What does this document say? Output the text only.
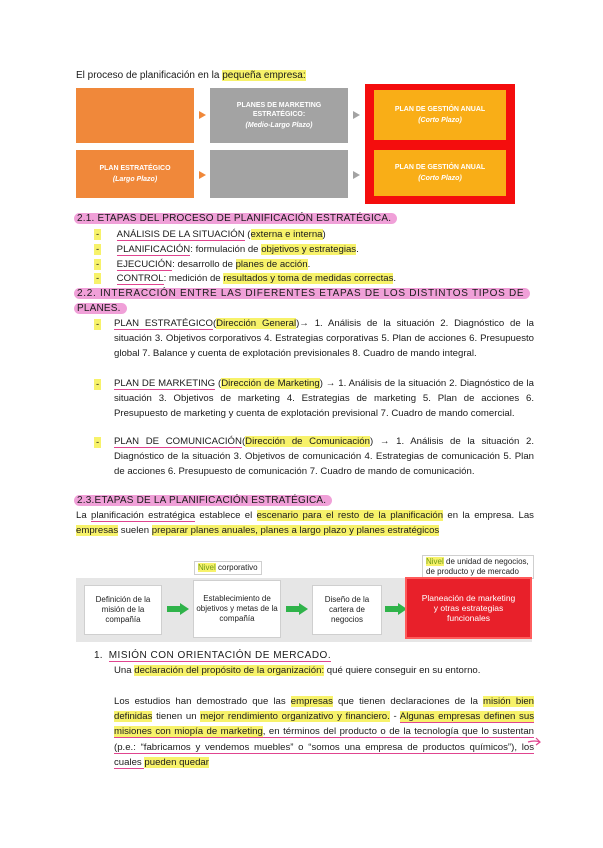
El proceso de planificación en la pequeña empresa:
PLANES DE MARKETING ESTRATÉGICO:
(Medio-Largo Plazo)
PLAN DE GESTIÓN ANUAL
(Corto Plazo)
PLAN ESTRATÉGICO
(Largo Plazo)
PLAN DE GESTIÓN ANUAL
(Corto Plazo)
2.1. ETAPAS DEL PROCESO DE PLANIFICACIÓN ESTRATÉGICA.
- ANÁLISIS DE LA SITUACIÓN (externa e interna)
- PLANIFICACIÓN: formulación de objetivos y estrategias.
- EJECUCIÓN: desarrollo de planes de acción.
- CONTROL: medición de resultados y toma de medidas correctas.
2.2. INTERACCIÓN ENTRE LAS DIFERENTES ETAPAS DE LOS DISTINTOS TIPOS DE
PLANES.
-	PLAN ESTRATÉGICO(Dirección General)→ 1. Análisis de la situación 2. Diagnóstico de la situación 3. Objetivos corporativos 4. Estrategias corporativas 5. Plan de acciones 6. Presupuesto global 7. Balance y cuenta de explotación previsionales 8. Cuadro de mando integral.
-	PLAN DE MARKETING (Dirección de Marketing) → 1. Análisis de la situación 2. Diagnóstico de la situación 3. Objetivos de marketing 4. Estrategias de marketing 5. Plan de acciones 6. Presupuesto de marketing y cuenta de explotación previsional 7. Cuadro de mando comercial.
-	PLAN DE COMUNICACIÓN(Dirección de Comunicación) → 1. Análisis de la situación 2. Diagnóstico de la situación 3. Objetivos de comunicación 4. Estrategias de comunicación 5. Plan de acciones 6. Presupuesto de comunicación 7. Cuadro de mando de comunicación.
2.3.ETAPAS DE LA PLANIFICACIÓN ESTRATÉGICA.
La planificación estratégica establece el escenario para el resto de la planificación en la empresa. Las empresas suelen preparar planes anuales, planes a largo plazo y planes estratégicos
Nivel corporativo
Nivel de unidad de negocios, de producto y de mercado
Definición de la misión de la compañía
Establecimiento de objetivos y metas de la compañía
Diseño de la cartera de negocios
Planeación de marketing y otras estrategias funcionales
1. MISIÓN CON ORIENTACIÓN DE MERCADO.
Una declaración del propósito de la organización: qué quiere conseguir en su entorno.
Los estudios han demostrado que las empresas que tienen declaraciones de la misión bien definidas tienen un mejor rendimiento organizativo y financiero. - Algunas empresas definen sus misiones con miopía de marketing, en términos del producto o de la tecnología que lo sustentan (p.e.: “fabricamos y vendemos muebles” o “somos una empresa de productos químicos”), los cuales pueden quedar
